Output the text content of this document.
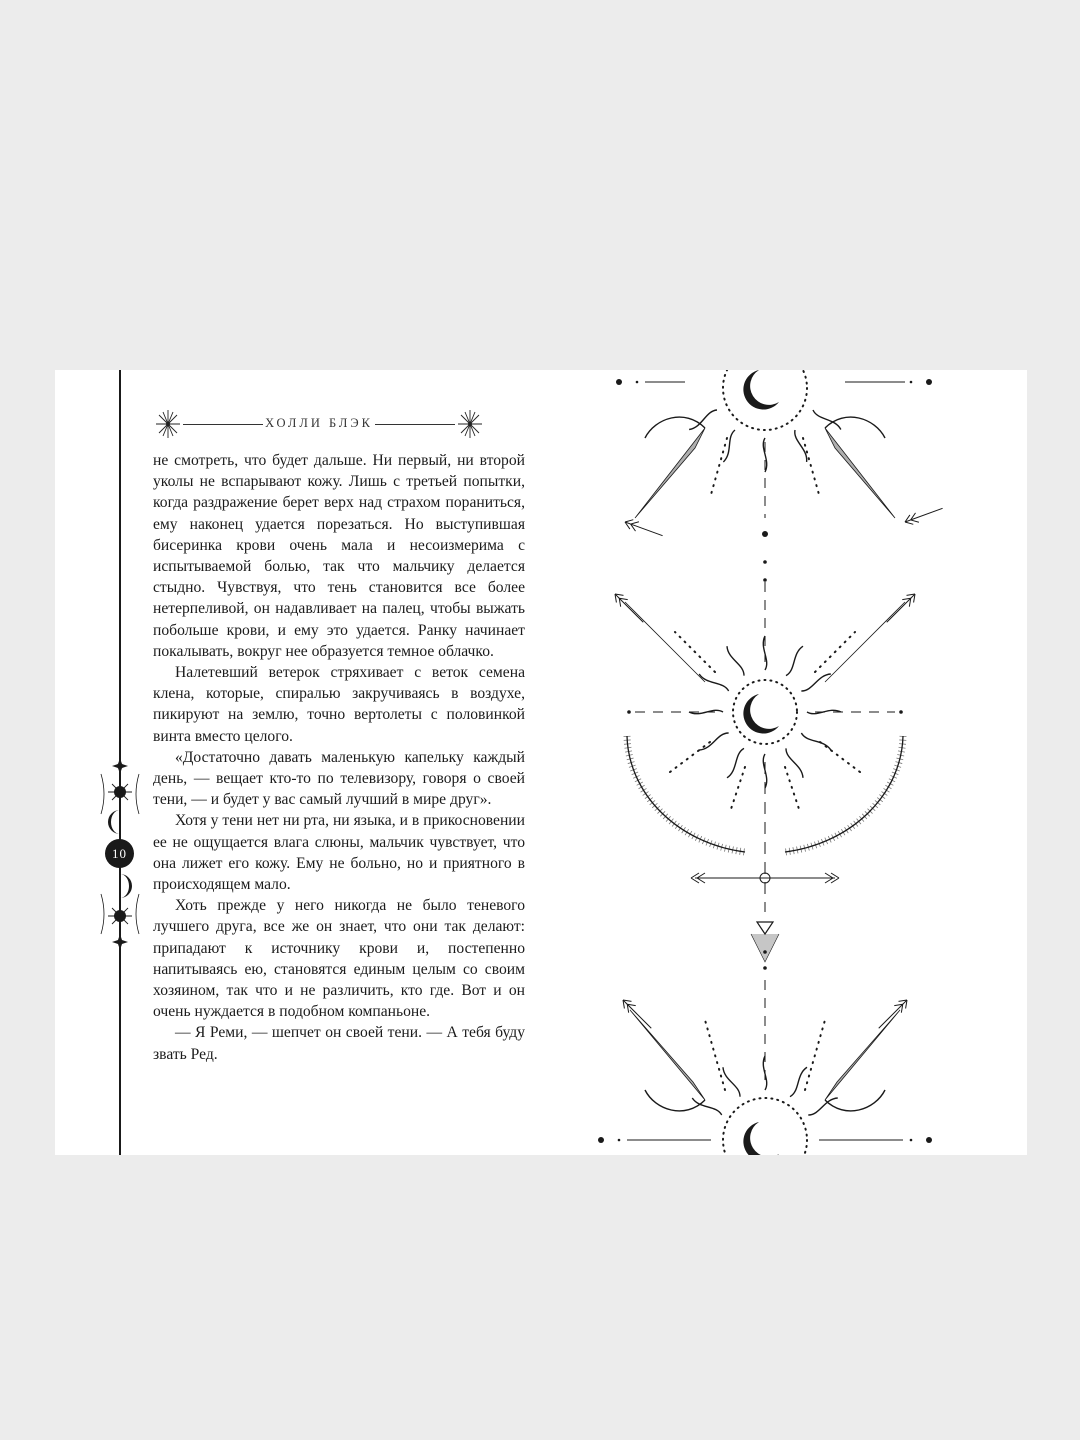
ХОЛЛИ БЛЭК

не смотреть, что будет дальше. Ни первый, ни второй уколы не вспарывают кожу. Лишь с третьей попытки, когда раздражение берет верх над страхом пораниться, ему наконец удается порезаться. Но выступившая бисеринка крови очень мала и несоизмерима с испытываемой болью, так что мальчику делается стыдно. Чувствуя, что тень становится все более нетерпеливой, он надавливает на палец, чтобы выжать побольше крови, и ему это удается. Ранку начинает покалывать, вокруг нее образуется темное облачко.

Налетевший ветерок стряхивает с веток семена клена, которые, спиралью закручиваясь в воздухе, пикируют на землю, точно вертолеты с половинкой винта вместо целого.

«Достаточно давать маленькую капельку каждый день, — вещает кто-то по телевизору, говоря о своей тени, — и будет у вас самый лучший в мире друг».

Хотя у тени нет ни рта, ни языка, и в прикосновении ее не ощущается влага слюны, мальчик чувствует, что она лижет его кожу. Ему не больно, но и приятного в происходящем мало.

Хоть прежде у него никогда не было теневого лучшего друга, все же он знает, что они так делают: припадают к источнику крови и, постепенно напитываясь ею, становятся единым целым со своим хозяином, так что и не различить, кто где. Вот и он очень нуждается в подобном компаньоне.

— Я Реми, — шепчет он своей тени. — А тебя буду звать Ред.

10
